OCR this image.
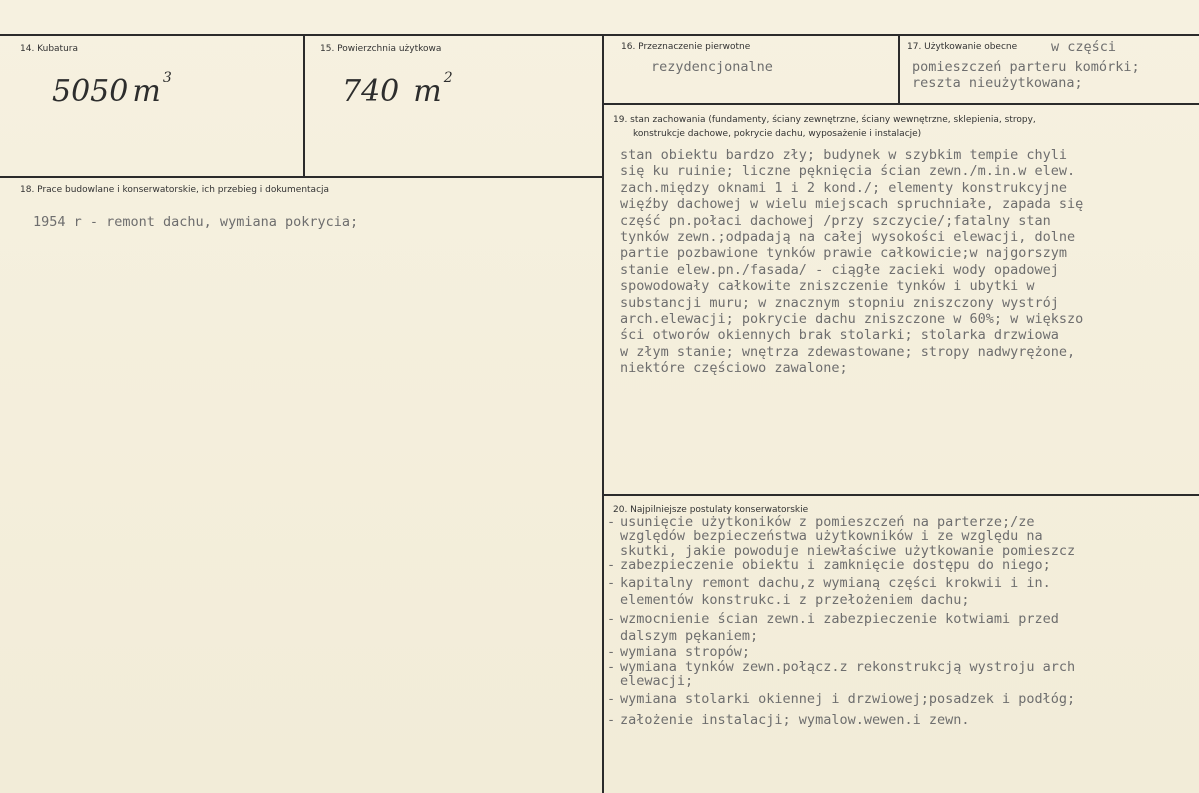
14. Kubatura
5050 m $^3$
15. Powierzchnia użytkowa
740 m $^2$
16. Przeznaczenie pierwotne
rezydencjonalne
17. Użytkowanie obecne	w części
pomieszczeń parteru komórki;
reszta nieużytkowana;
18. Prace budowlane i konserwatorskie, ich przebieg i dokumentacja
1954 r - remont dachu, wymiana pokrycia;
19. stan zachowania (fundamenty, ściany zewnętrzne, ściany wewnętrzne, sklepienia, stropy,
konstrukcje dachowe, pokrycie dachu, wyposażenie i instalacje)
stan obiektu bardzo zły; budynek w szybkim tempie chyli
się ku ruinie; liczne pęknięcia ścian zewn./m.in.w elew.
zach.między oknami 1 i 2 kond./; elementy konstrukcyjne
więźby dachowej w wielu miejscach spruchniałe, zapada się
część pn.połaci dachowej /przy szczycie/;fatalny stan
tynków zewn.;odpadają na całej wysokości elewacji, dolne
partie pozbawione tynków prawie całkowicie;w najgorszym
stanie elew.pn./fasada/ - ciągłe zacieki wody opadowej
spowodowały całkowite zniszczenie tynków i ubytki w
substancji muru; w znacznym stopniu zniszczony wystrój
arch.elewacji; pokrycie dachu zniszczone w 60%; w większo
ści otworów okiennych brak stolarki; stolarka drzwiowa
w złym stanie; wnętrza zdewastowane; stropy nadwyrężone,
niektóre częściowo zawalone;
20. Najpilniejsze postulaty konserwatorskie
- usunięcie użytkoników z pomieszczeń na parterze;/ze
względów bezpieczeństwa użytkowników i ze względu na
skutki, jakie powoduje niewłaściwe użytkowanie pomieszcz
- zabezpieczenie obiektu i zamknięcie dostępu do niego;
- kapitalny remont dachu,z wymianą części krokwii i in.
elementów konstrukc.i z przełożeniem dachu;
- wzmocnienie ścian zewn.i zabezpieczenie kotwiami przed
dalszym pękaniem;
- wymiana stropów;
- wymiana tynków zewn.połącz.z rekonstrukcją wystroju arch
elewacji;
- wymiana stolarki okiennej i drzwiowej;posadzek i podłóg;
- założenie instalacji; wymalow.wewen.i zewn.
